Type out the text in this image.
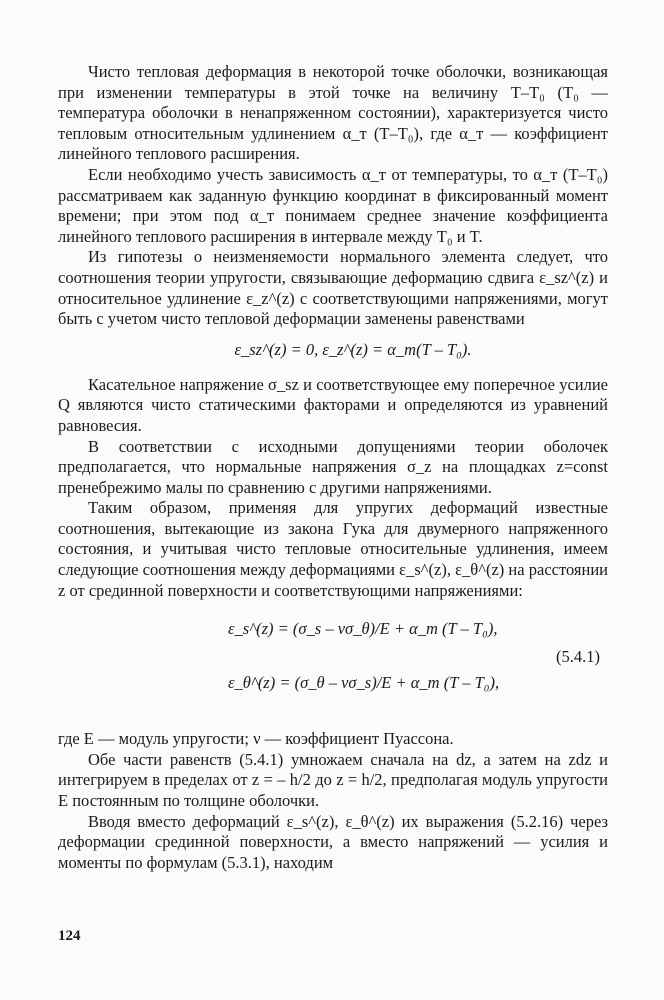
Чисто тепловая деформация в некоторой точке оболочки, возникающая при изменении температуры в этой точке на величину T–T₀ (T₀ — температура оболочки в ненапряженном состоянии), характеризуется чисто тепловым относительным удлинением α_т (T–T₀), где α_т — коэффициент линейного теплового расширения.

Если необходимо учесть зависимость α_т от температуры, то α_т (T–T₀) рассматриваем как заданную функцию координат в фиксированный момент времени; при этом под α_т понимаем среднее значение коэффициента линейного теплового расширения в интервале между T₀ и T.

Из гипотезы о неизменяемости нормального элемента следует, что соотношения теории упругости, связывающие деформацию сдвига ε_sz^(z) и относительное удлинение ε_z^(z) с соответствующими напряжениями, могут быть с учетом чисто тепловой деформации заменены равенствами

ε_sz^(z) = 0, ε_z^(z) = α_т(T – T₀).

Касательное напряжение σ_sz и соответствующее ему поперечное усилие Q являются чисто статическими факторами и определяются из уравнений равновесия.

В соответствии с исходными допущениями теории оболочек предполагается, что нормальные напряжения σ_z на площадках z=const пренебрежимо малы по сравнению с другими напряжениями.

Таким образом, применяя для упругих деформаций известные соотношения, вытекающие из закона Гука для двумерного напряженного состояния, и учитывая чисто тепловые относительные удлинения, имеем следующие соотношения между деформациями ε_s^(z), ε_θ^(z) на расстоянии z от срединной поверхности и соответствующими напряжениями:

ε_s^(z) = (σ_s – νσ_θ)/E + α_т (T – T₀),
ε_θ^(z) = (σ_θ – νσ_s)/E + α_т (T – T₀),
(5.4.1)

где E — модуль упругости; ν — коэффициент Пуассона.

Обе части равенств (5.4.1) умножаем сначала на dz, а затем на zdz и интегрируем в пределах от z = – h/2 до z = h/2, предполагая модуль упругости E постоянным по толщине оболочки.

Вводя вместо деформаций ε_s^(z), ε_θ^(z) их выражения (5.2.16) через деформации срединной поверхности, а вместо напряжений — усилия и моменты по формулам (5.3.1), находим

124
